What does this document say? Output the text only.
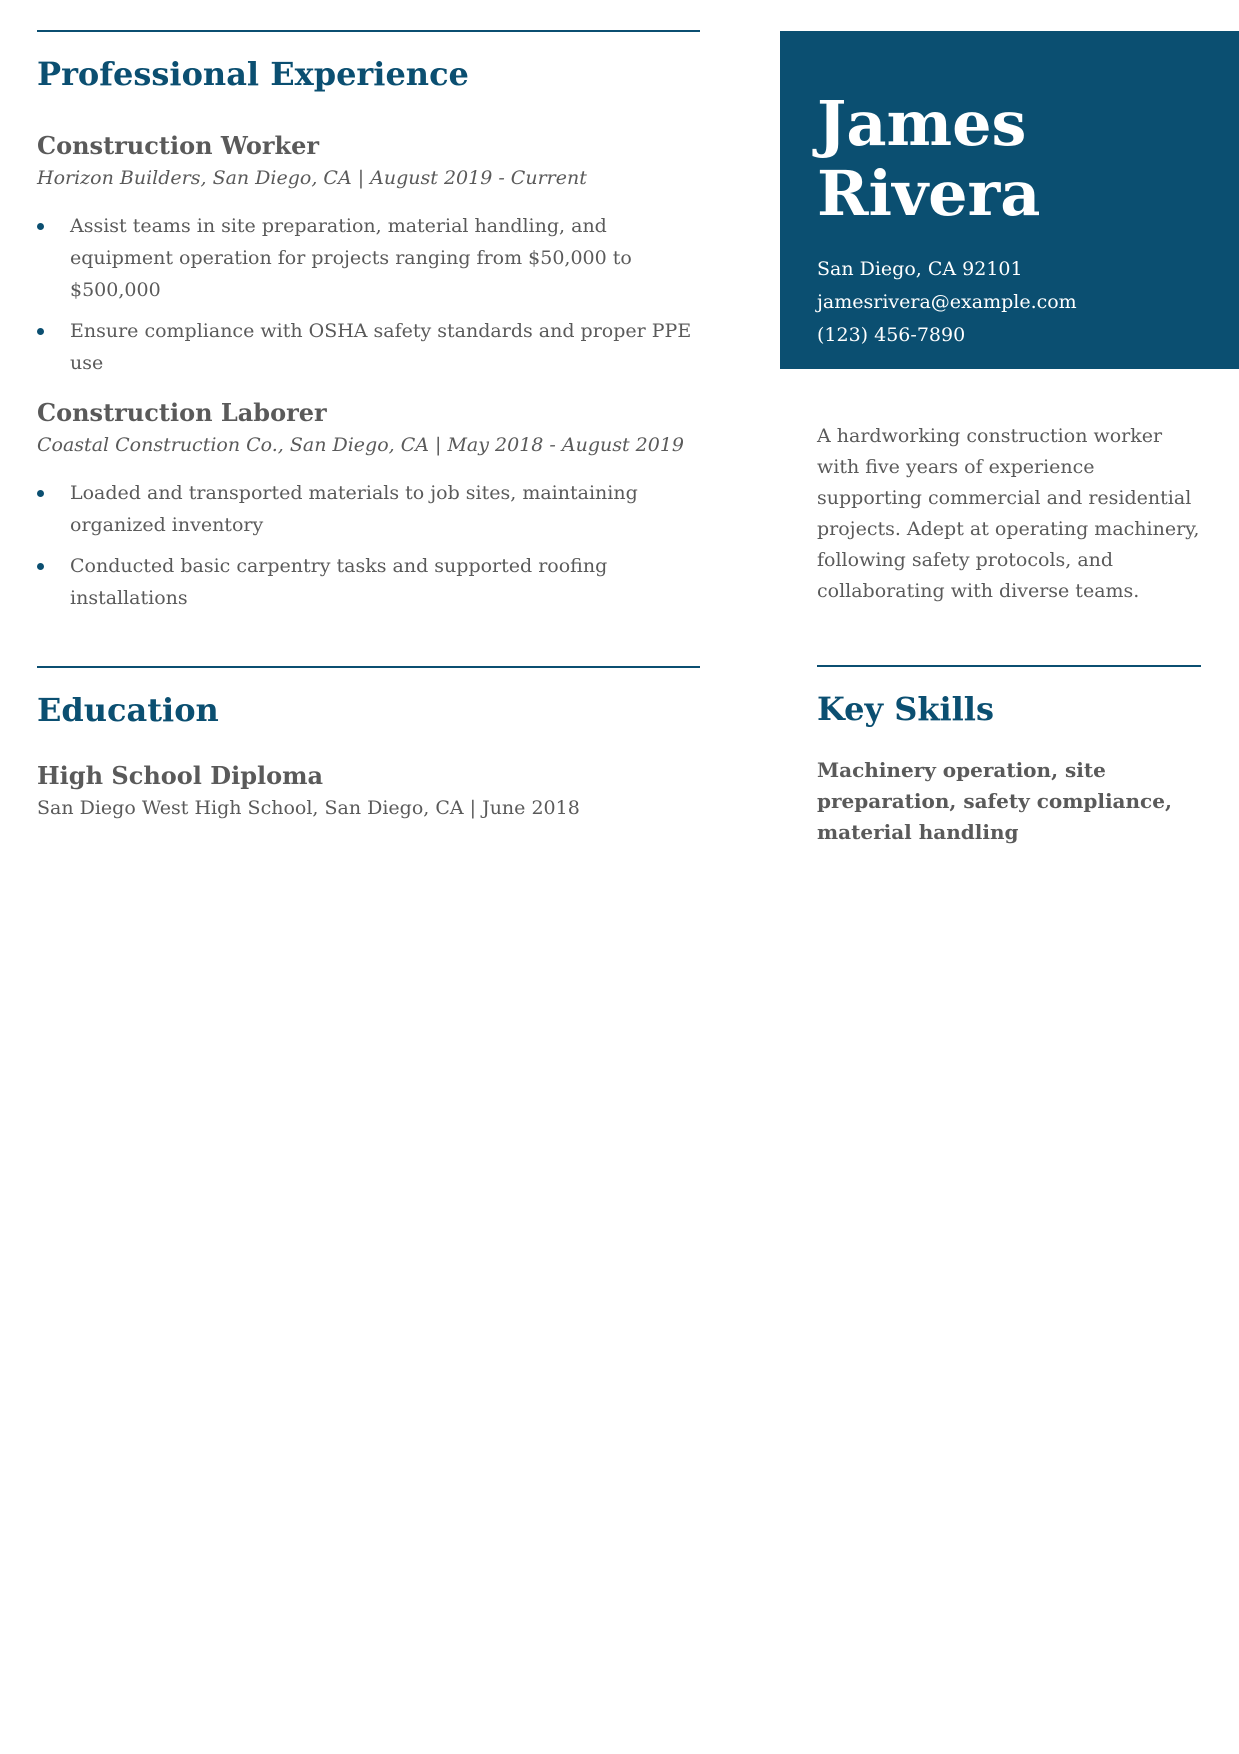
Professional Experience
Construction Worker

Horizon Builders, San Diego, CA | August 2019 - Current

Assist teams in site preparation, material handling, and equipment operation for projects ranging from $50,000 to $500,000
Ensure compliance with OSHA safety standards and proper PPE use
Construction Laborer

Coastal Construction Co., San Diego, CA | May 2018 - August 2019

Loaded and transported materials to job sites, maintaining organized inventory
Conducted basic carpentry tasks and supported roofing installations
Education
High School Diploma

San Diego West High School, San Diego, CA | June 2018

James
Rivera
San Diego, CA 92101
jamesrivera@example.com
(123) 456-7890

A hardworking construction worker with five years of experience supporting commercial and residential projects. Adept at operating machinery, following safety protocols, and collaborating with diverse teams.

Key Skills
Machinery operation, site preparation, safety compliance, material handling
